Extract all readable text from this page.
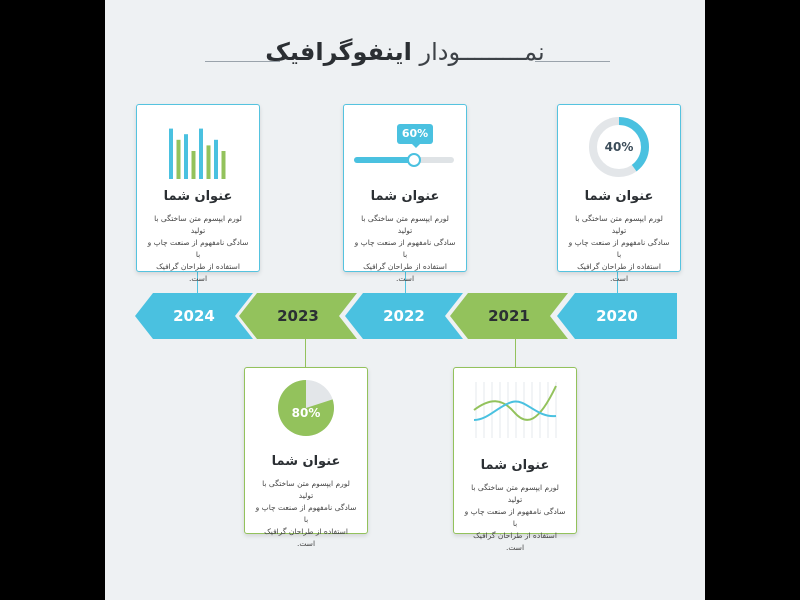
نمـــــــــودار اینفوگرافیک
2024	2023	2022	2021	2020
عنوان شما
لورم ایپسوم متن ساختگی با تولید
سادگی نامفهوم از صنعت چاپ و با
استفاده از طراحان گرافیک است.
60%
عنوان شما
لورم ایپسوم متن ساختگی با تولید
سادگی نامفهوم از صنعت چاپ و با
استفاده از طراحان گرافیک است.
40%
عنوان شما
لورم ایپسوم متن ساختگی با تولید
سادگی نامفهوم از صنعت چاپ و با
استفاده از طراحان گرافیک است.
80%
عنوان شما
لورم ایپسوم متن ساختگی با تولید
سادگی نامفهوم از صنعت چاپ و با
استفاده از طراحان گرافیک است.
عنوان شما
لورم ایپسوم متن ساختگی با تولید
سادگی نامفهوم از صنعت چاپ و با
استفاده از طراحان گرافیک است.
